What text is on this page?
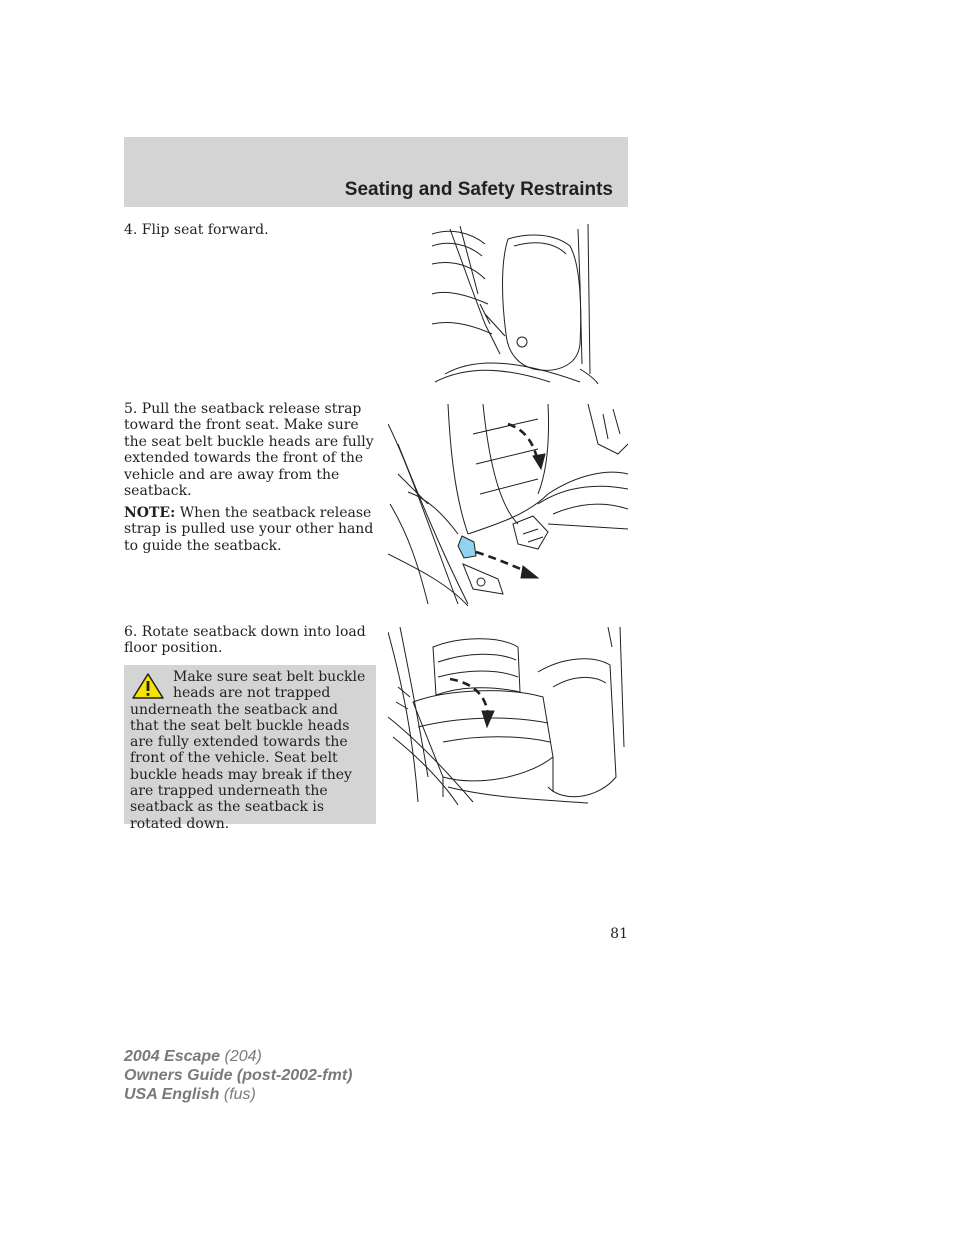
Seating and Safety Restraints
4. Flip seat forward.
5. Pull the seatback release strap toward the front seat. Make sure the seat belt buckle heads are fully extended towards the front of the vehicle and are away from the seatback.
NOTE: When the seatback release strap is pulled use your other hand to guide the seatback.
6. Rotate seatback down into load floor position.
Make sure seat belt buckle heads are not trapped underneath the seatback and that the seat belt buckle heads are fully extended towards the front of the vehicle. Seat belt buckle heads may break if they are trapped underneath the seatback as the seatback is rotated down.
81
2004 Escape (204)
Owners Guide (post-2002-fmt)
USA English (fus)
